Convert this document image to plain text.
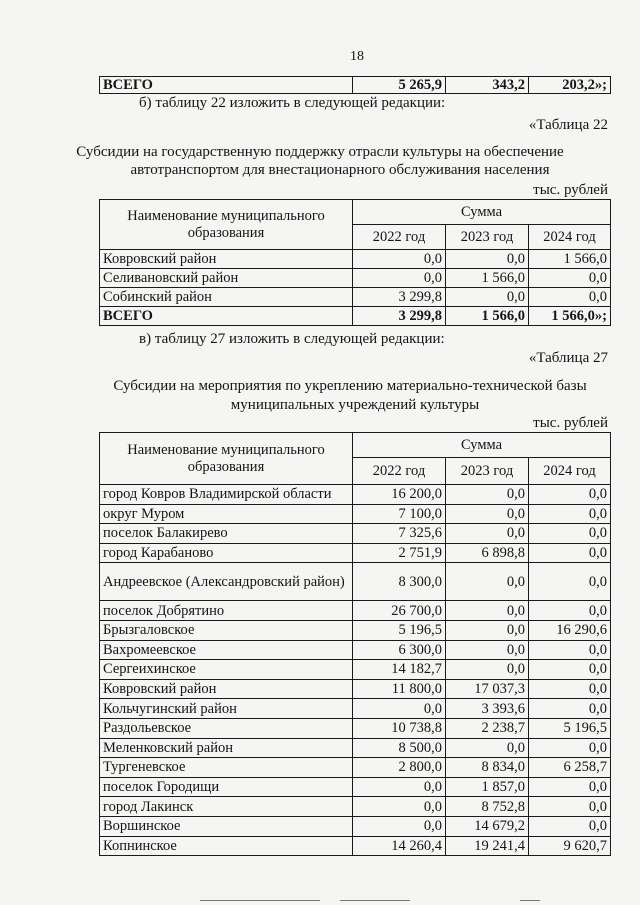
18
ВСЕГО	5 265,9	343,2	203,2»;
б) таблицу 22 изложить в следующей редакции:
«Таблица 22
Субсидии на государственную поддержку отрасли культуры на обеспечение
автотранспортом для внестационарного обслуживания населения
тыс. рублей
Наименование муниципального
образования	Сумма		
	2022 год	2023 год	2024 год
Ковровский район	0,0	0,0	1 566,0
Селивановский район	0,0	1 566,0	0,0
Собинский район	3 299,8	0,0	0,0
ВСЕГО	3 299,8	1 566,0	1 566,0»;
в) таблицу 27 изложить в следующей редакции:
«Таблица 27
Субсидии на мероприятия по укреплению материально-технической базы
муниципальных учреждений культуры
тыс. рублей
Наименование муниципального
образования	Сумма		
	2022 год	2023 год	2024 год
город Ковров Владимирской области	16 200,0	0,0	0,0
округ Муром	7 100,0	0,0	0,0
поселок Балакирево	7 325,6	0,0	0,0
город Карабаново	2 751,9	6 898,8	0,0
Андреевское (Александровский район)	8 300,0	0,0	0,0
поселок Добрятино	26 700,0	0,0	0,0
Брызгаловское	5 196,5	0,0	16 290,6
Вахромеевское	6 300,0	0,0	0,0
Сергеихинское	14 182,7	0,0	0,0
Ковровский район	11 800,0	17 037,3	0,0
Кольчугинский район	0,0	3 393,6	0,0
Раздольевское	10 738,8	2 238,7	5 196,5
Меленковский район	8 500,0	0,0	0,0
Тургеневское	2 800,0	8 834,0	6 258,7
поселок Городищи	0,0	1 857,0	0,0
город Лакинск	0,0	8 752,8	0,0
Воршинское	0,0	14 679,2	0,0
Копнинское	14 260,4	19 241,4	9 620,7
